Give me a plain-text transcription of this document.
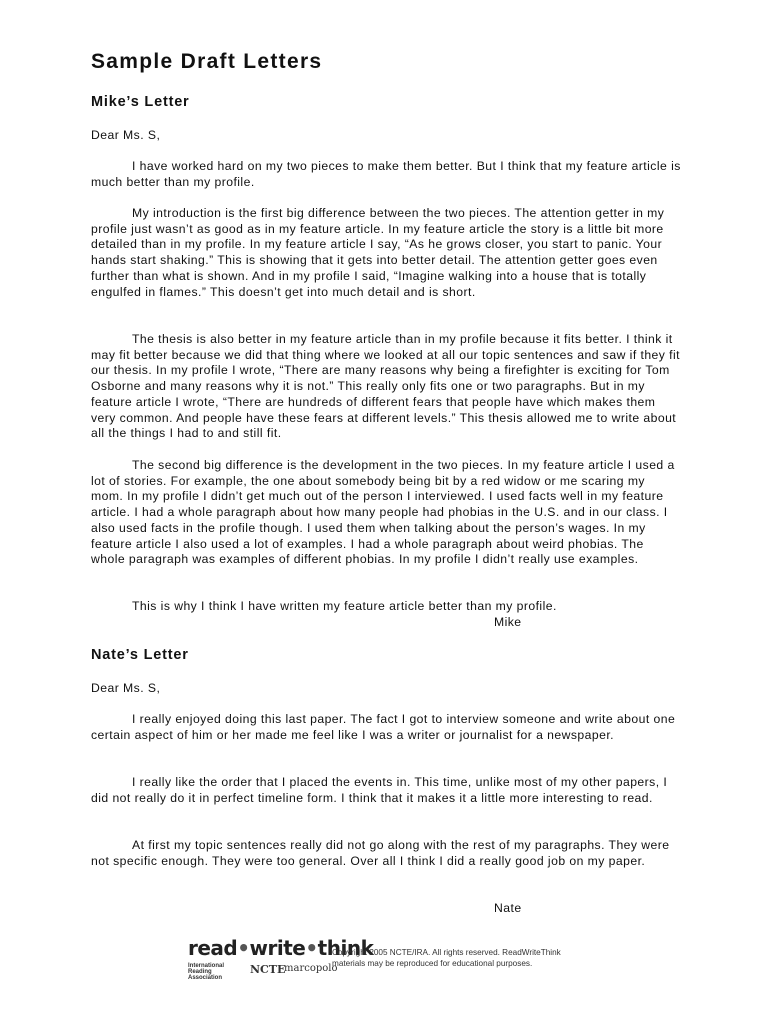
Sample Draft Letters
Mike’s Letter

Dear Ms. S,

I have worked hard on my two pieces to make them better. But I think that my feature article is much better than my profile.

My introduction is the first big difference between the two pieces. The attention getter in my profile just wasn’t as good as in my feature article. In my feature article the story is a little bit more detailed than in my profile. In my feature article I say, “As he grows closer, you start to panic. Your hands start shaking.” This is showing that it gets into better detail. The attention getter goes even further than what is shown. And in my profile I said, “Imagine walking into a house that is totally engulfed in flames.” This doesn’t get into much detail and is short.

The thesis is also better in my feature article than in my profile because it fits better. I think it may fit better because we did that thing where we looked at all our topic sentences and saw if they fit our thesis. In my profile I wrote, “There are many reasons why being a firefighter is exciting for Tom Osborne and many reasons why it is not.” This really only fits one or two paragraphs. But in my feature article I wrote, “There are hundreds of different fears that people have which makes them very common. And people have these fears at different levels.” This thesis allowed me to write about all the things I had to and still fit.

The second big difference is the development in the two pieces. In my feature article I used a lot of stories. For example, the one about somebody being bit by a red widow or me scaring my mom. In my profile I didn’t get much out of the person I interviewed. I used facts well in my feature article. I had a whole paragraph about how many people had phobias in the U.S. and in our class. I also used facts in the profile though. I used them when talking about the person’s wages. In my feature article I also used a lot of examples. I had a whole paragraph about weird phobias. The whole paragraph was examples of different phobias. In my profile I didn’t really use examples.

This is why I think I have written my feature article better than my profile.

Mike

Nate’s Letter

Dear Ms. S,

I really enjoyed doing this last paper. The fact I got to interview someone and write about one certain aspect of him or her made me feel like I was a writer or journalist for a newspaper.

I really like the order that I placed the events in. This time, unlike most of my other papers, I did not really do it in perfect timeline form. I think that it makes it a little more interesting to read.

At first my topic sentences really did not go along with the rest of my paragraphs. They were not specific enough. They were too general. Over all I think I did a really good job on my paper.

Nate

read•write•think
International Reading Association
NCTE
marcopolo
Copyright 2005 NCTE/IRA. All rights reserved. ReadWriteThink
materials may be reproduced for educational purposes.
